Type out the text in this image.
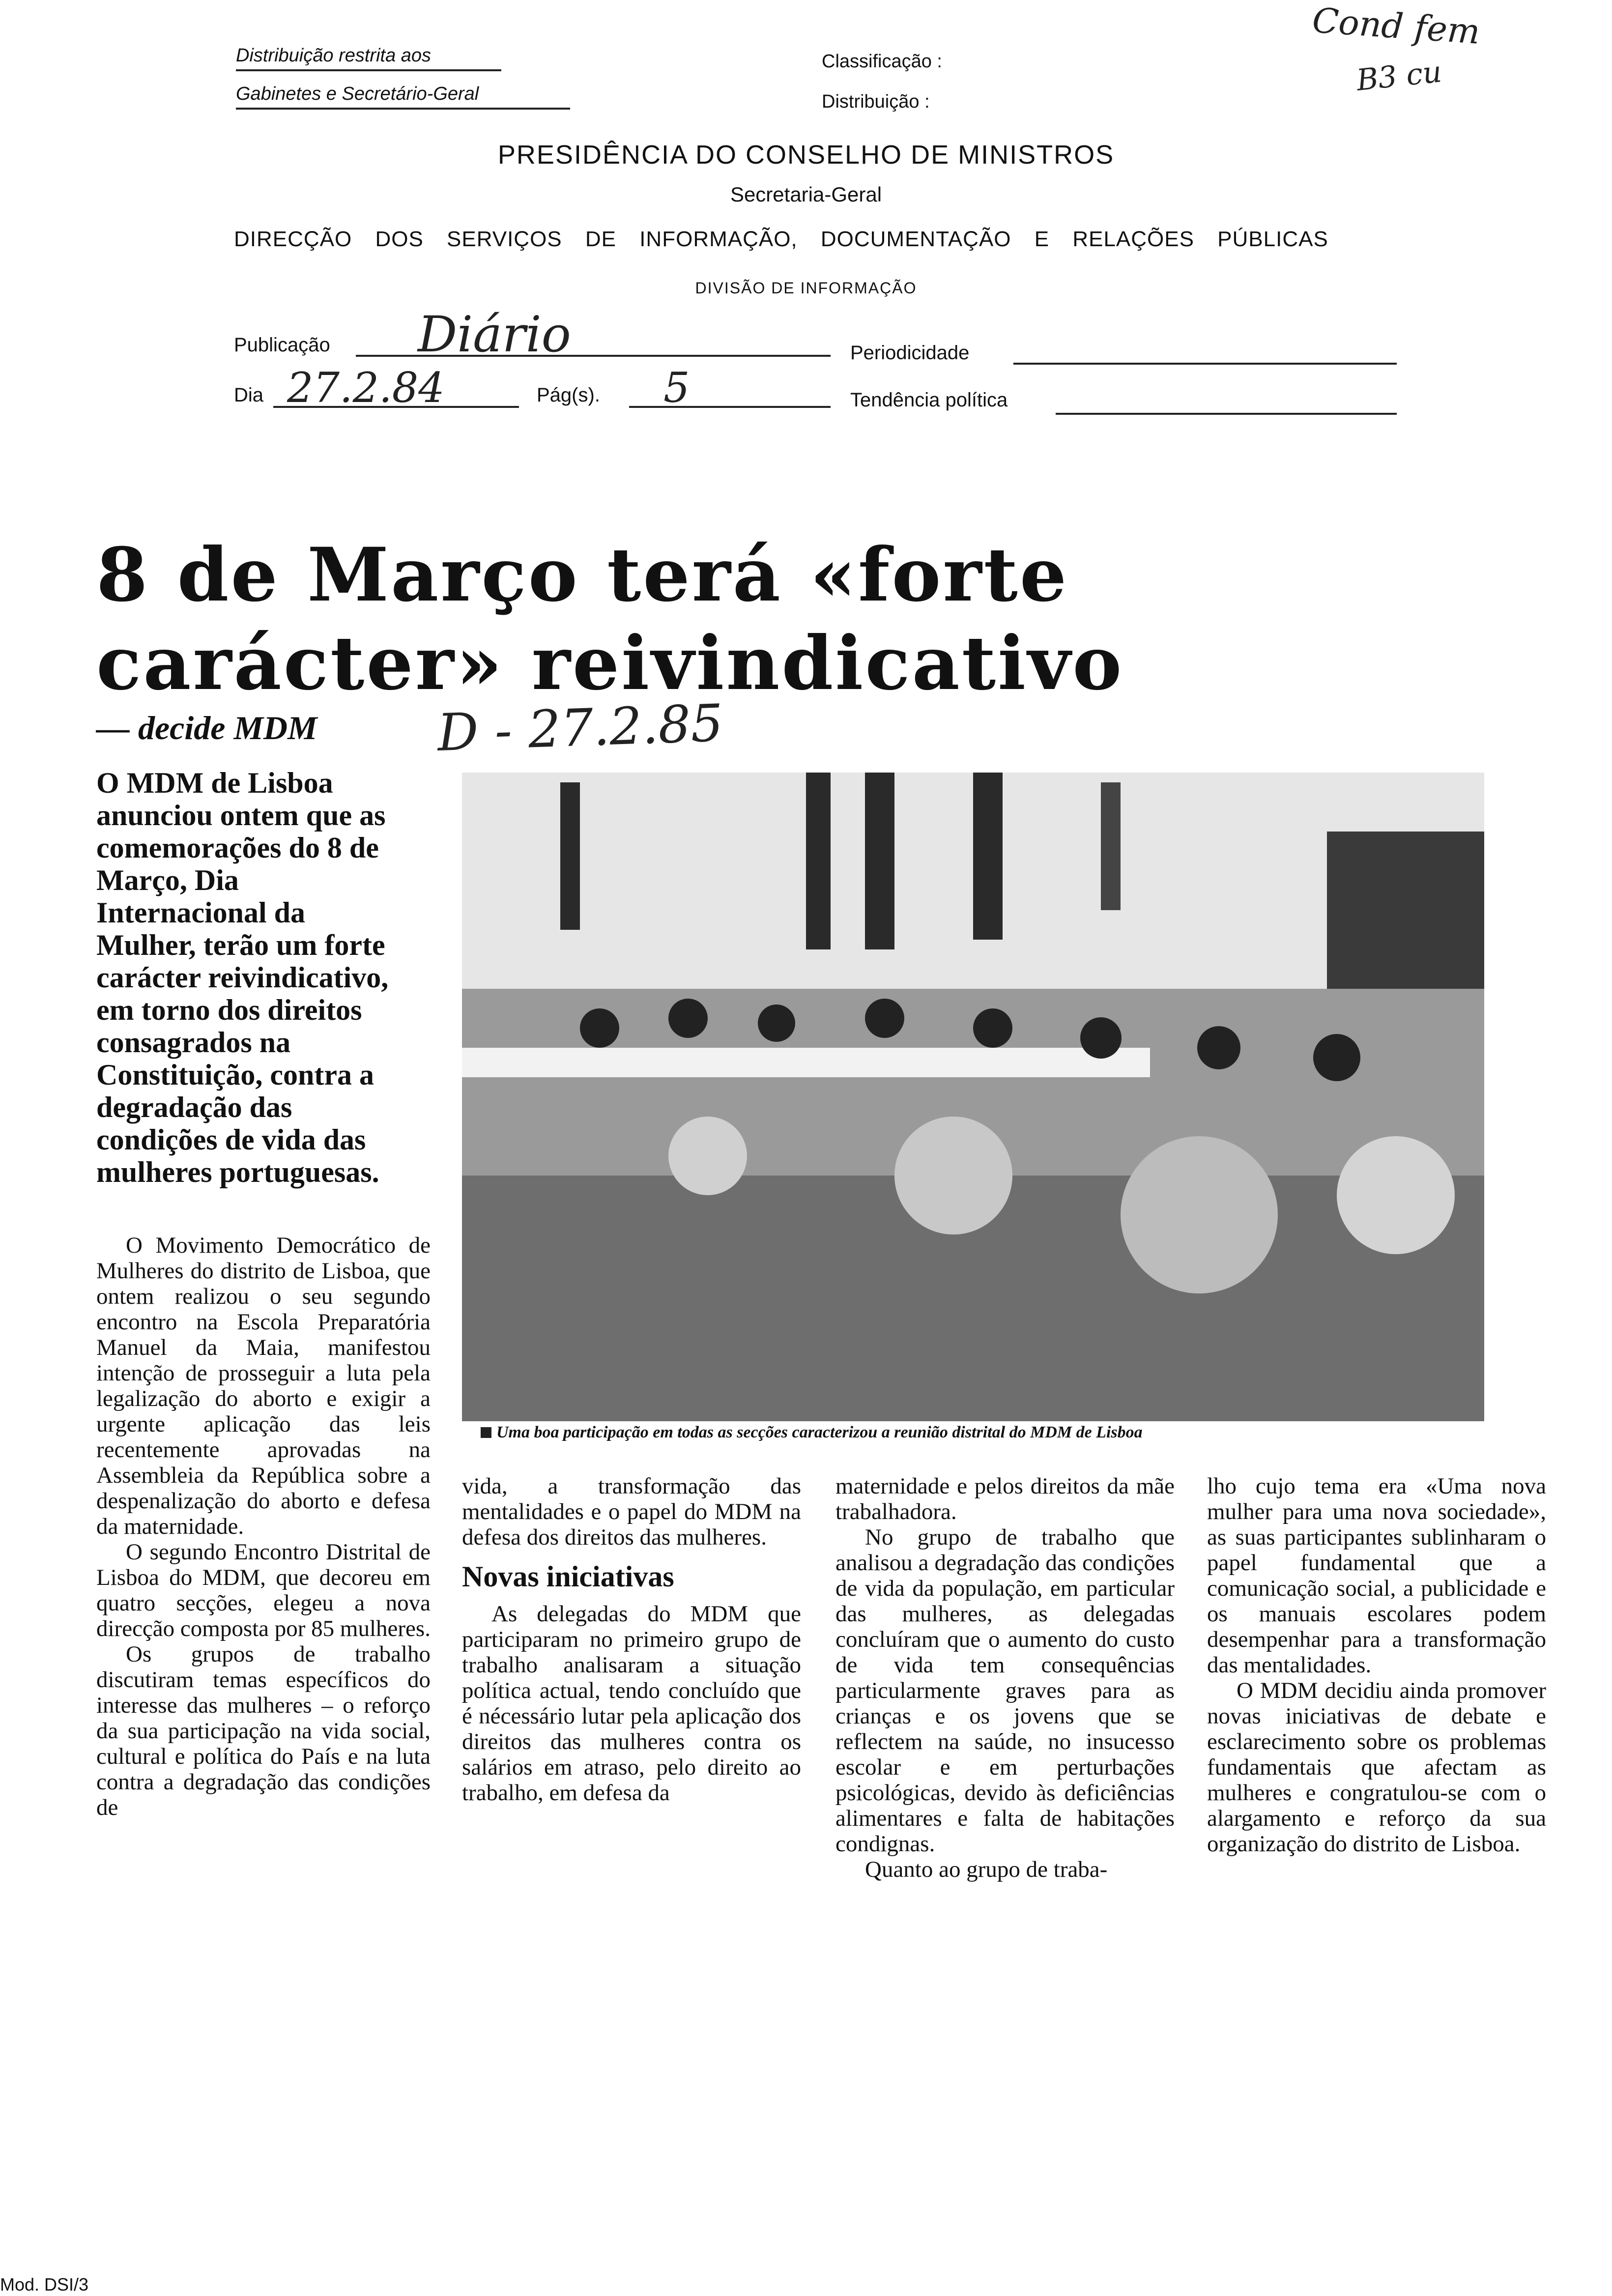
Distribuição restrita aos
Gabinetes e Secretário-Geral
Classificação :
Distribuição :
Cond fem
B3 cu
PRESIDÊNCIA DO CONSELHO DE MINISTROS
Secretaria-Geral
DIRECÇÃO DOS SERVIÇOS DE INFORMAÇÃO, DOCUMENTAÇÃO E RELAÇÕES PÚBLICAS
DIVISÃO DE INFORMAÇÃO
Publicação Diário	Periodicidade
Dia 27.2.84	Pág(s). 5	Tendência política
8 de Março terá «forte
carácter» reivindicativo
— decide MDM D - 27.2.85
O MDM de Lisboa anunciou ontem que as comemorações do 8 de Março, Dia Internacional da Mulher, terão um forte carácter reivindicativo, em torno dos direitos consagrados na Constituição, contra a degradação das condições de vida das mulheres portuguesas.
Uma boa participação em todas as secções caracterizou a reunião distrital do MDM de Lisboa

O Movimento Democrático de Mulheres do distrito de Lisboa, que ontem realizou o seu segundo encontro na Escola Preparatória Manuel da Maia, manifestou intenção de prosseguir a luta pela legalização do aborto e exigir a urgente aplicação das leis recentemente aprovadas na Assembleia da República sobre a despenalização do aborto e defesa da maternidade.

O segundo Encontro Distrital de Lisboa do MDM, que decoreu em quatro secções, elegeu a nova direcção composta por 85 mulheres.

Os grupos de trabalho discutiram temas específicos do interesse das mulheres – o reforço da sua participação na vida social, cultural e política do País e na luta contra a degradação das condições de

vida, a transformação das mentalidades e o papel do MDM na defesa dos direitos das mulheres.

Novas iniciativas

As delegadas do MDM que participaram no primeiro grupo de trabalho analisaram a situação política actual, tendo concluído que é nécessário lutar pela aplicação dos direitos das mulheres contra os salários em atraso, pelo direito ao trabalho, em defesa da

maternidade e pelos direitos da mãe trabalhadora.

No grupo de trabalho que analisou a degradação das condições de vida da população, em particular das mulheres, as delegadas concluíram que o aumento do custo de vida tem consequências particularmente graves para as crianças e os jovens que se reflectem na saúde, no insucesso escolar e em perturbações psicológicas, devido às deficiências alimentares e falta de habitações condignas.

Quanto ao grupo de traba-

lho cujo tema era «Uma nova mulher para uma nova sociedade», as suas participantes sublinharam o papel fundamental que a comunicação social, a publicidade e os manuais escolares podem desempenhar para a transformação das mentalidades.

O MDM decidiu ainda promover novas iniciativas de debate e esclarecimento sobre os problemas fundamentais que afectam as mulheres e congratulou-se com o alargamento e reforço da sua organização do distrito de Lisboa.

Mod. DSI/3
